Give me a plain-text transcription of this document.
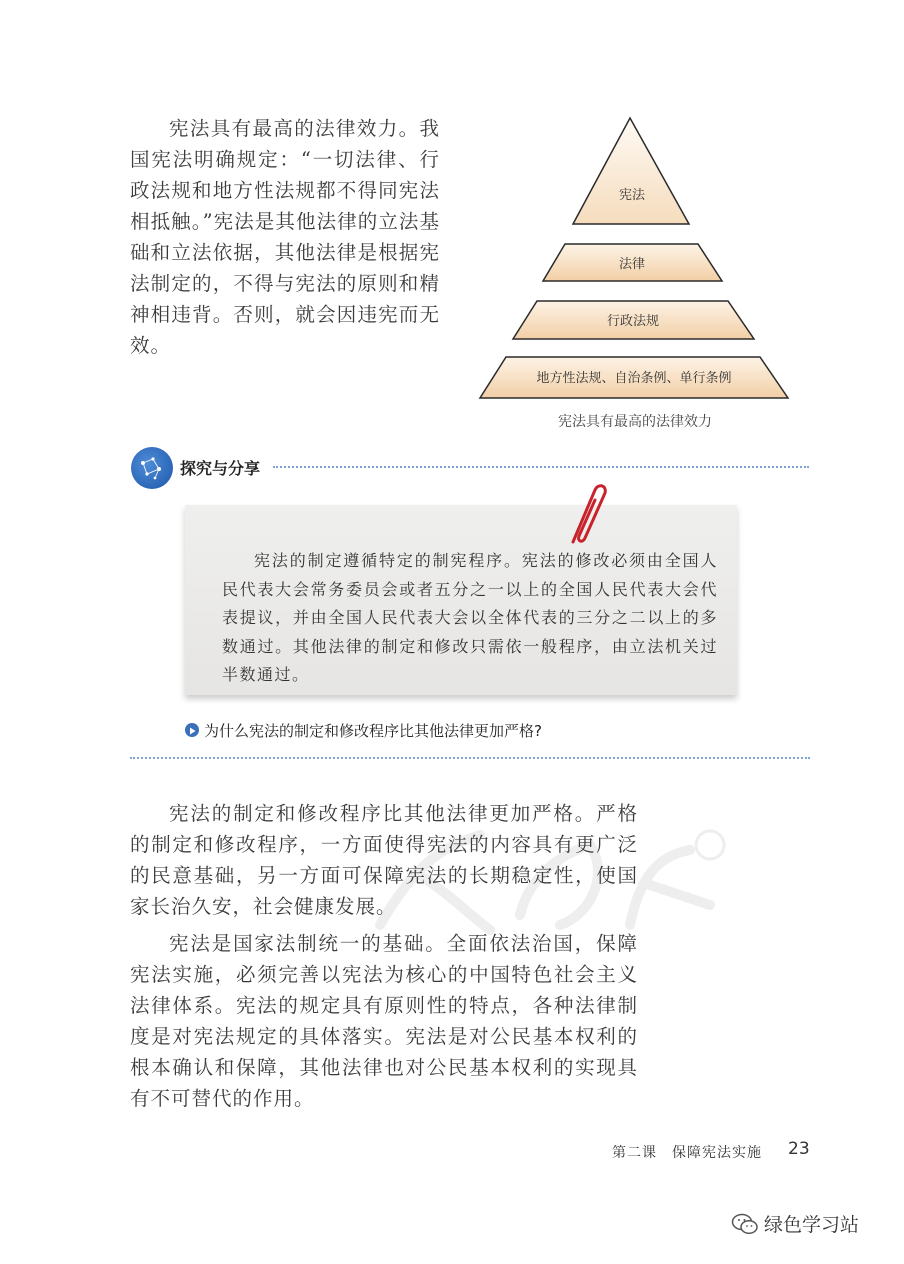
宪法具有最高的法律效力。我国宪法明确规定：“一切法律、行政法规和地方性法规都不得同宪法相抵触。”宪法是其他法律的立法基础和立法依据，其他法律是根据宪法制定的，不得与宪法的原则和精神相违背。否则，就会因违宪而无效。

宪法
法律
行政法规
地方性法规、自治条例、单行条例
宪法具有最高的法律效力
探究与分享

宪法的制定遵循特定的制宪程序。宪法的修改必须由全国人民代表大会常务委员会或者五分之一以上的全国人民代表大会代表提议，并由全国人民代表大会以全体代表的三分之二以上的多数通过。其他法律的制定和修改只需依一般程序，由立法机关过半数通过。

为什么宪法的制定和修改程序比其他法律更加严格?

宪法的制定和修改程序比其他法律更加严格。严格的制定和修改程序，一方面使得宪法的内容具有更广泛的民意基础，另一方面可保障宪法的长期稳定性，使国家长治久安，社会健康发展。

宪法是国家法制统一的基础。全面依法治国，保障宪法实施，必须完善以宪法为核心的中国特色社会主义法律体系。宪法的规定具有原则性的特点，各种法律制度是对宪法规定的具体落实。宪法是对公民基本权利的根本确认和保障，其他法律也对公民基本权利的实现具有不可替代的作用。

第二课　保障宪法实施 23
绿色学习站
